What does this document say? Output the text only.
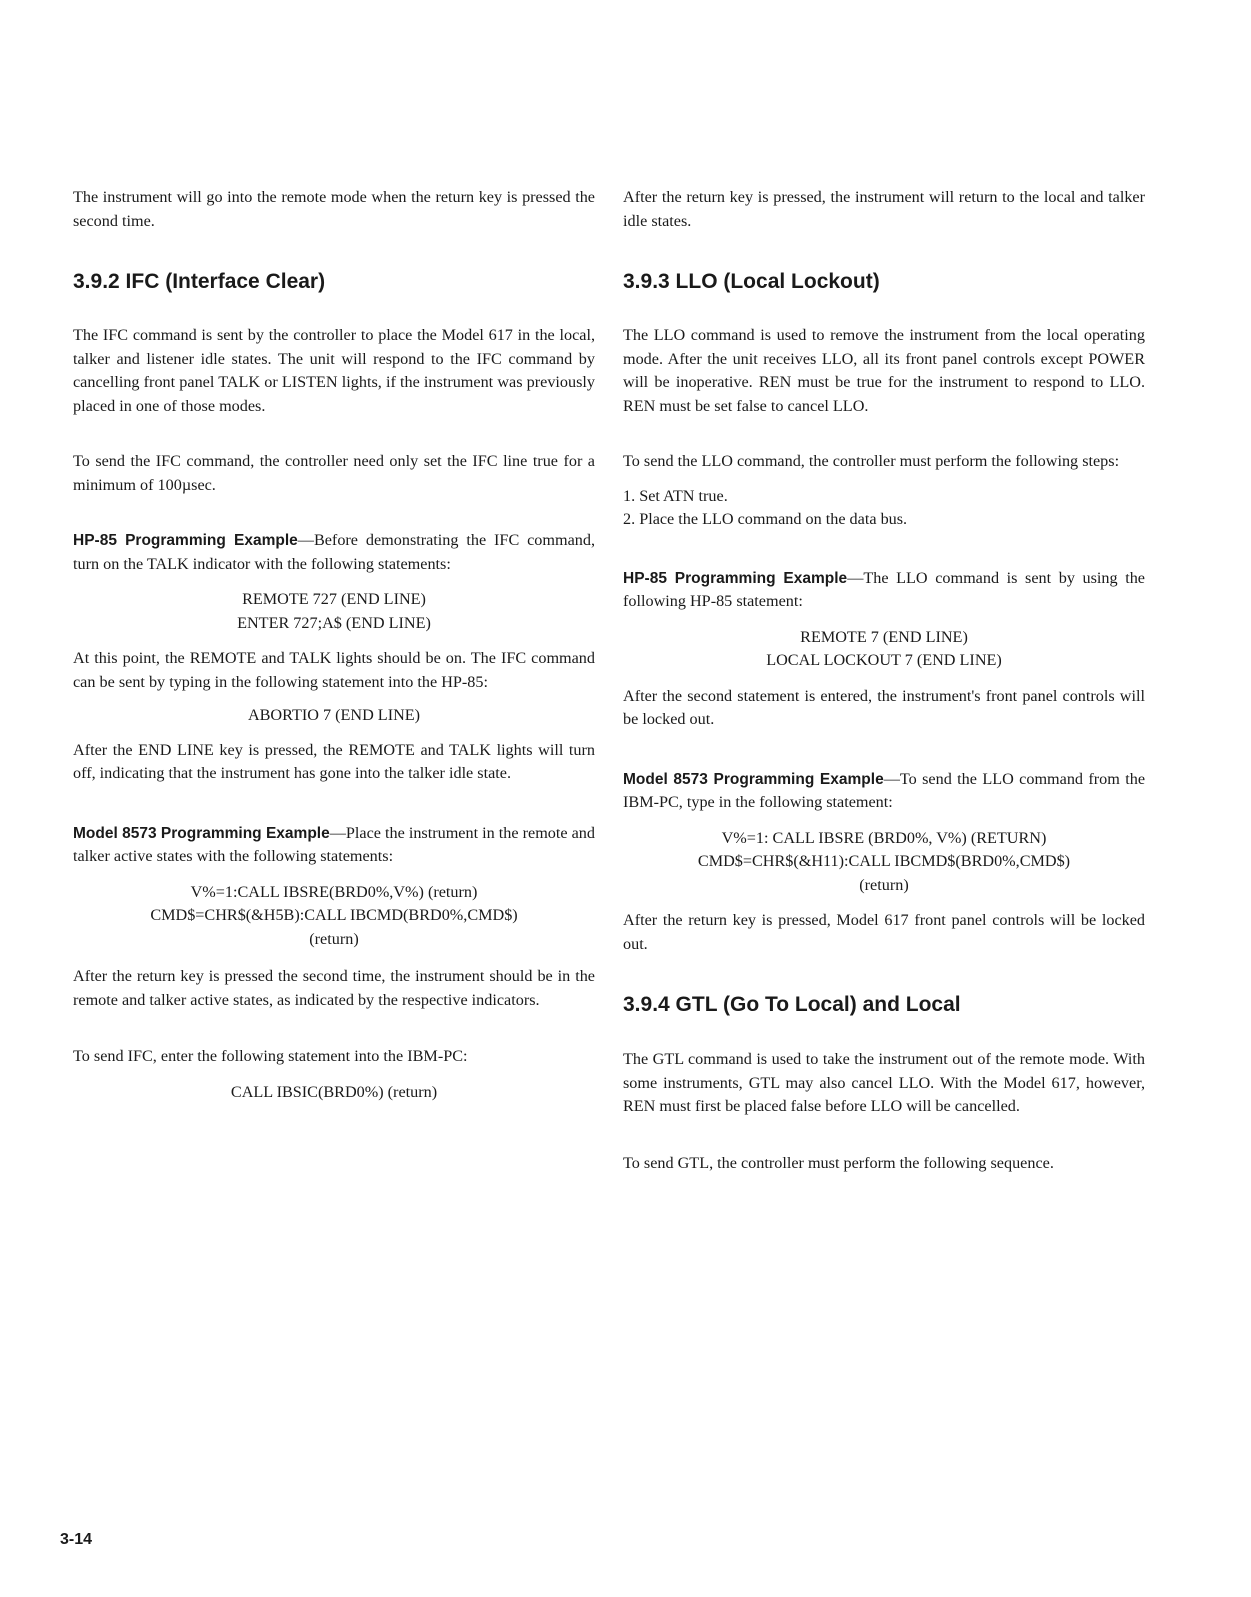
The instrument will go into the remote mode when the return key is pressed the second time.

3.9.2 IFC (Interface Clear)

The IFC command is sent by the controller to place the Model 617 in the local, talker and listener idle states. The unit will respond to the IFC command by cancelling front panel TALK or LISTEN lights, if the instrument was previously placed in one of those modes.

To send the IFC command, the controller need only set the IFC line true for a minimum of 100µsec.

HP-85 Programming Example—Before demonstrating the IFC command, turn on the TALK indicator with the following statements:

REMOTE 727 (END LINE)

ENTER 727;A$ (END LINE)

At this point, the REMOTE and TALK lights should be on. The IFC command can be sent by typing in the following statement into the HP-85:

ABORTIO 7 (END LINE)

After the END LINE key is pressed, the REMOTE and TALK lights will turn off, indicating that the instrument has gone into the talker idle state.

Model 8573 Programming Example—Place the instrument in the remote and talker active states with the following statements:

V%=1:CALL IBSRE(BRD0%,V%) (return)

CMD$=CHR$(&H5B):CALL IBCMD(BRD0%,CMD$)

(return)

After the return key is pressed the second time, the instrument should be in the remote and talker active states, as indicated by the respective indicators.

To send IFC, enter the following statement into the IBM-PC:

CALL IBSIC(BRD0%) (return)

After the return key is pressed, the instrument will return to the local and talker idle states.

3.9.3 LLO (Local Lockout)

The LLO command is used to remove the instrument from the local operating mode. After the unit receives LLO, all its front panel controls except POWER will be inoperative. REN must be true for the instrument to respond to LLO. REN must be set false to cancel LLO.

To send the LLO command, the controller must perform the following steps:

1. Set ATN true.
2. Place the LLO command on the data bus.

HP-85 Programming Example—The LLO command is sent by using the following HP-85 statement:

REMOTE 7 (END LINE)

LOCAL LOCKOUT 7 (END LINE)

After the second statement is entered, the instrument's front panel controls will be locked out.

Model 8573 Programming Example—To send the LLO command from the IBM-PC, type in the following statement:

V%=1: CALL IBSRE (BRD0%, V%) (RETURN)

CMD$=CHR$(&H11):CALL IBCMD$(BRD0%,CMD$)

(return)

After the return key is pressed, Model 617 front panel controls will be locked out.

3.9.4 GTL (Go To Local) and Local

The GTL command is used to take the instrument out of the remote mode. With some instruments, GTL may also cancel LLO. With the Model 617, however, REN must first be placed false before LLO will be cancelled.

To send GTL, the controller must perform the following sequence.

3-14
